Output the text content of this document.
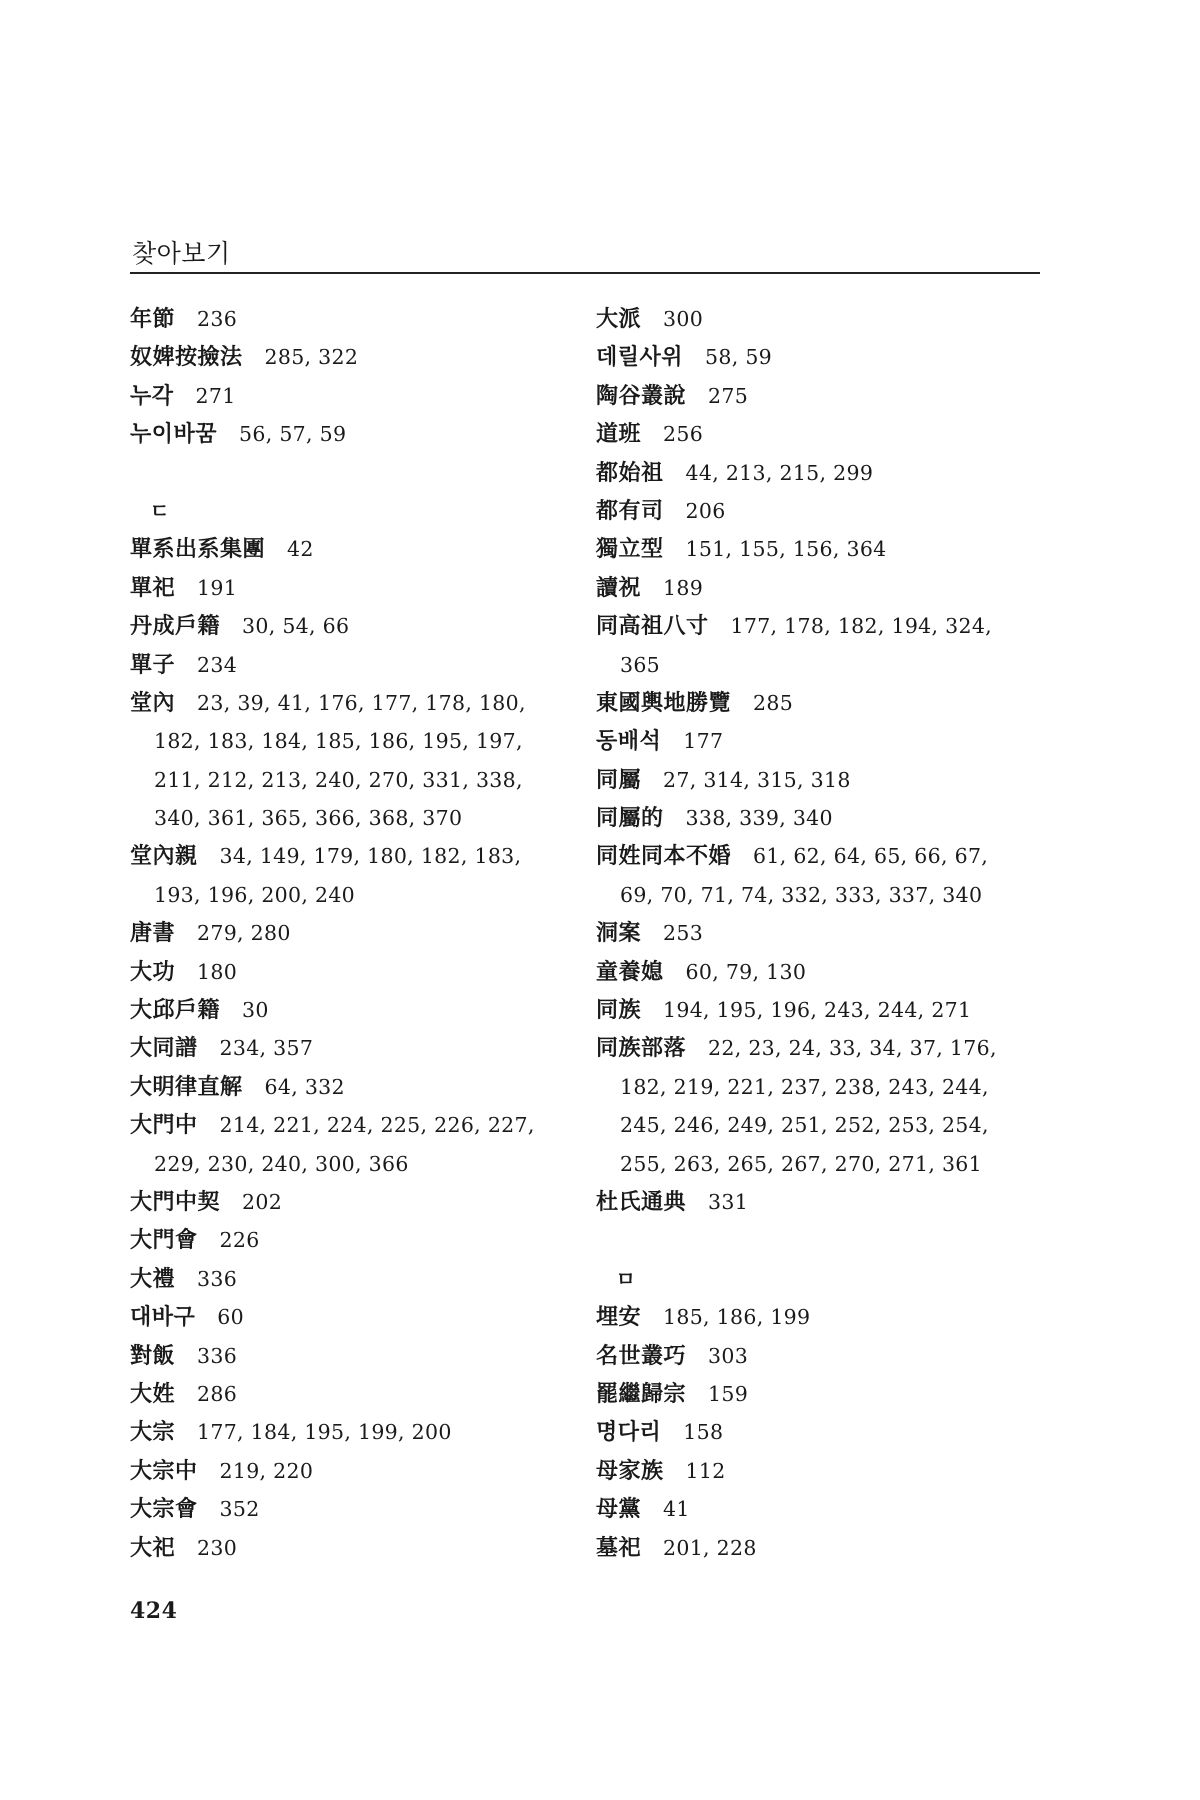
찾아보기
年節 236
奴婢按撿法 285, 322
누각 271
누이바꿈 56, 57, 59
ㄷ
單系出系集團 42
單祀 191
丹成戶籍 30, 54, 66
單子 234
堂內 23, 39, 41, 176, 177, 178, 180,
182, 183, 184, 185, 186, 195, 197,
211, 212, 213, 240, 270, 331, 338,
340, 361, 365, 366, 368, 370
堂內親 34, 149, 179, 180, 182, 183,
193, 196, 200, 240
唐書 279, 280
大功 180
大邱戶籍 30
大同譜 234, 357
大明律直解 64, 332
大門中 214, 221, 224, 225, 226, 227,
229, 230, 240, 300, 366
大門中契 202
大門會 226
大禮 336
대바구 60
對飯 336
大姓 286
大宗 177, 184, 195, 199, 200
大宗中 219, 220
大宗會 352
大祀 230
大派 300
데릴사위 58, 59
陶谷叢說 275
道班 256
都始祖 44, 213, 215, 299
都有司 206
獨立型 151, 155, 156, 364
讀祝 189
同高祖八寸 177, 178, 182, 194, 324,
365
東國輿地勝覽 285
동배석 177
同屬 27, 314, 315, 318
同屬的 338, 339, 340
同姓同本不婚 61, 62, 64, 65, 66, 67,
69, 70, 71, 74, 332, 333, 337, 340
洞案 253
童養媳 60, 79, 130
同族 194, 195, 196, 243, 244, 271
同族部落 22, 23, 24, 33, 34, 37, 176,
182, 219, 221, 237, 238, 243, 244,
245, 246, 249, 251, 252, 253, 254,
255, 263, 265, 267, 270, 271, 361
杜氏通典 331
ㅁ
埋安 185, 186, 199
名世叢巧 303
罷繼歸宗 159
명다리 158
母家族 112
母黨 41
墓祀 201, 228
424
